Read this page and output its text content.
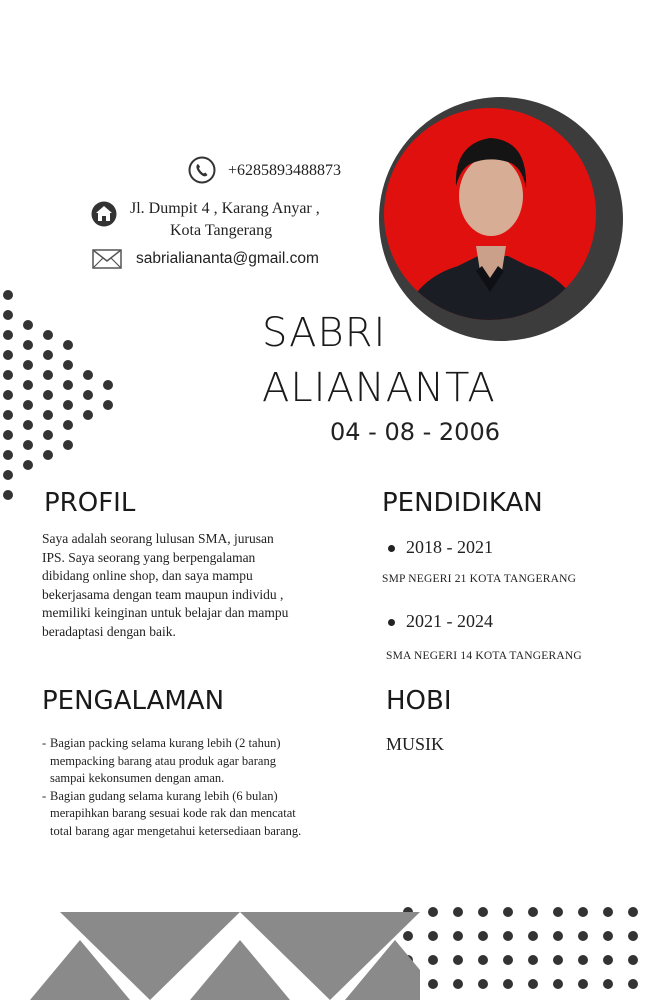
+6285893488873
Jl. Dumpit 4 , Karang Anyar ,
Kota Tangerang
sabrialiananta@gmail.com
SABRI
ALIANANTA
04 - 08 - 2006
PROFIL
Saya adalah seorang lulusan SMA, jurusan
IPS. Saya seorang yang berpengalaman
dibidang online shop, dan saya mampu
bekerjasama dengan team maupun individu ,
memiliki keinginan untuk belajar dan mampu
beradaptasi dengan baik.
PENDIDIKAN
2018 - 2021
SMP NEGERI 21 KOTA TANGERANG
2021 - 2024
SMA NEGERI 14 KOTA TANGERANG
PENGALAMAN
- Bagian packing selama kurang lebih (2 tahun)
mempacking barang atau produk agar barang
sampai kekonsumen dengan aman.
- Bagian gudang selama kurang lebih (6 bulan)
merapihkan barang sesuai kode rak dan mencatat
total barang agar mengetahui ketersediaan barang.
HOBI
MUSIK
